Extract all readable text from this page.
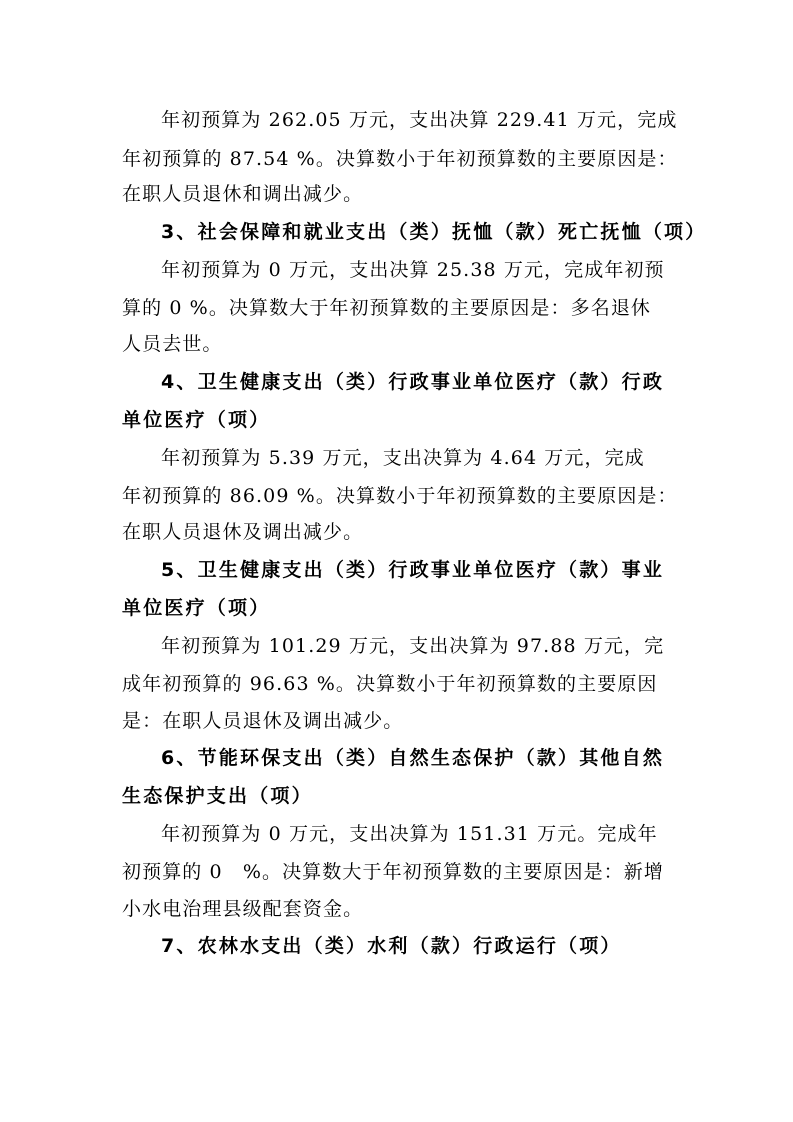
年初预算为 262.05 万元，支出决算 229.41 万元，完成
年初预算的 87.54 %。决算数小于年初预算数的主要原因是：
在职人员退休和调出减少。
3、社会保障和就业支出（类）抚恤（款）死亡抚恤（项）
年初预算为 0 万元，支出决算 25.38 万元，完成年初预
算的 0 %。决算数大于年初预算数的主要原因是：多名退休
人员去世。
4、卫生健康支出（类）行政事业单位医疗（款）行政
单位医疗（项）
年初预算为 5.39 万元，支出决算为 4.64 万元，完成
年初预算的 86.09 %。决算数小于年初预算数的主要原因是：
在职人员退休及调出减少。
5、卫生健康支出（类）行政事业单位医疗（款）事业
单位医疗（项）
年初预算为 101.29 万元，支出决算为 97.88 万元，完
成年初预算的 96.63 %。决算数小于年初预算数的主要原因
是：在职人员退休及调出减少。
6、节能环保支出（类）自然生态保护（款）其他自然
生态保护支出（项）
年初预算为 0 万元，支出决算为 151.31 万元。完成年
初预算的 0　%。决算数大于年初预算数的主要原因是：新增
小水电治理县级配套资金。
7、农林水支出（类）水利（款）行政运行（项）
